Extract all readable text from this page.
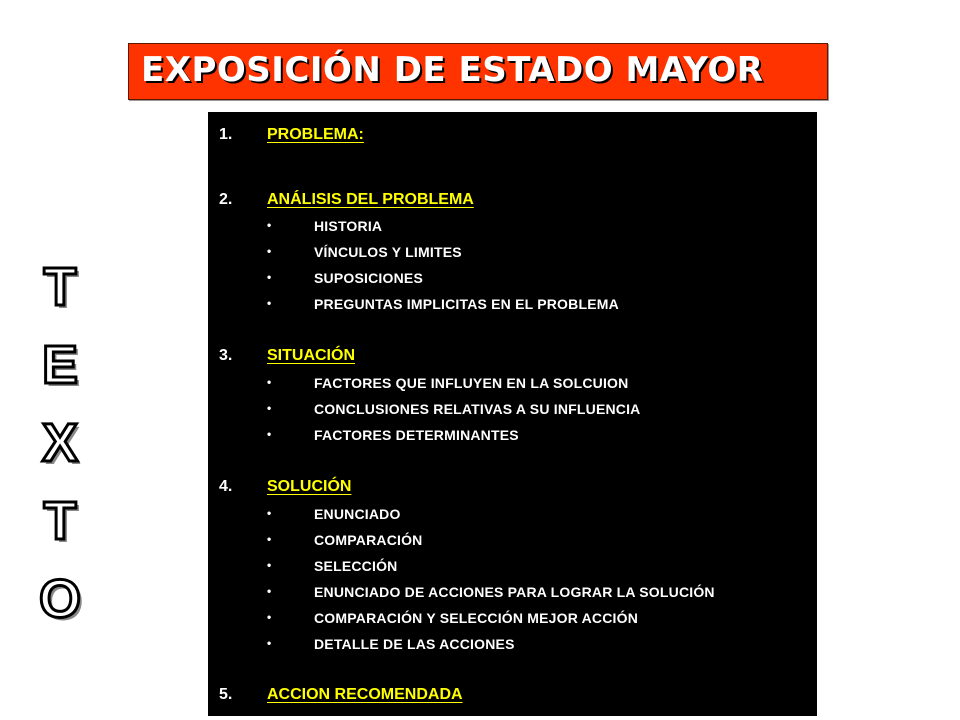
EXPOSICIÓN DE ESTADO MAYOR
T
E
X
T
O
1. PROBLEMA:
2. ANÁLISIS DEL PROBLEMA
•	HISTORIA
•	VÍNCULOS Y LIMITES
•	SUPOSICIONES
•	PREGUNTAS IMPLICITAS EN EL PROBLEMA
3. SITUACIÓN
•	FACTORES QUE INFLUYEN EN LA SOLCUION
•	CONCLUSIONES RELATIVAS A SU INFLUENCIA
•	FACTORES DETERMINANTES
4. SOLUCIÓN
•	ENUNCIADO
•	COMPARACIÓN
•	SELECCIÓN
•	ENUNCIADO DE ACCIONES PARA LOGRAR LA SOLUCIÓN
•	COMPARACIÓN Y SELECCIÓN MEJOR ACCIÓN
•	DETALLE DE LAS ACCIONES
5. ACCION RECOMENDADA
